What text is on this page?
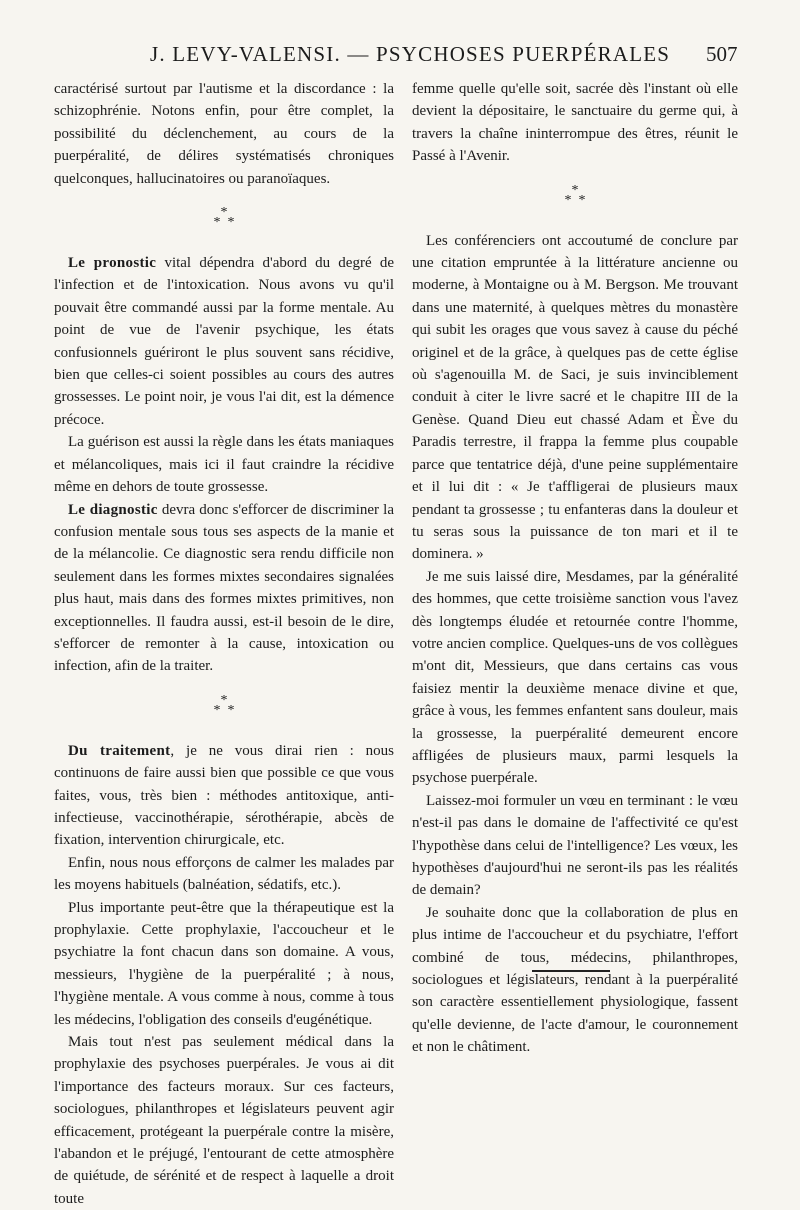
J. LEVY-VALENSI. — PSYCHOSES PUERPÉRALES 507

caractérisé surtout par l'autisme et la discordance : la schizophrénie. Notons enfin, pour être complet, la possibilité du déclenchement, au cours de la puerpéralité, de délires systématisés chroniques quelconques, hallucinatoires ou paranoïaques.

*
* *

Le pronostic vital dépendra d'abord du degré de l'infection et de l'intoxication. Nous avons vu qu'il pouvait être commandé aussi par la forme mentale. Au point de vue de l'avenir psychique, les états confusionnels guériront le plus souvent sans récidive, bien que celles-ci soient possibles au cours des autres grossesses. Le point noir, je vous l'ai dit, est la démence précoce.

La guérison est aussi la règle dans les états maniaques et mélancoliques, mais ici il faut craindre la récidive même en dehors de toute grossesse.

Le diagnostic devra donc s'efforcer de discriminer la confusion mentale sous tous ses aspects de la manie et de la mélancolie. Ce diagnostic sera rendu difficile non seulement dans les formes mixtes secondaires signalées plus haut, mais dans des formes mixtes primitives, non exceptionnelles. Il faudra aussi, est-il besoin de le dire, s'efforcer de remonter à la cause, intoxication ou infection, afin de la traiter.

*
* *

Du traitement, je ne vous dirai rien : nous continuons de faire aussi bien que possible ce que vous faites, vous, très bien : méthodes antitoxique, anti-infectieuse, vaccinothérapie, sérothérapie, abcès de fixation, intervention chirurgicale, etc.

Enfin, nous nous efforçons de calmer les malades par les moyens habituels (balnéation, sédatifs, etc.).

Plus importante peut-être que la thérapeutique est la prophylaxie. Cette prophylaxie, l'accoucheur et le psychiatre la font chacun dans son domaine. A vous, messieurs, l'hygiène de la puerpéralité ; à nous, l'hygiène mentale. A vous comme à nous, comme à tous les médecins, l'obligation des conseils d'eugénétique.

Mais tout n'est pas seulement médical dans la prophylaxie des psychoses puerpérales. Je vous ai dit l'importance des facteurs moraux. Sur ces facteurs, sociologues, philanthropes et législateurs peuvent agir efficacement, protégeant la puerpérale contre la misère, l'abandon et le préjugé, l'entourant de cette atmosphère de quiétude, de sérénité et de respect à laquelle a droit toute

femme quelle qu'elle soit, sacrée dès l'instant où elle devient la dépositaire, le sanctuaire du germe qui, à travers la chaîne ininterrompue des êtres, réunit le Passé à l'Avenir.

*
* *

Les conférenciers ont accoutumé de conclure par une citation empruntée à la littérature ancienne ou moderne, à Montaigne ou à M. Bergson. Me trouvant dans une maternité, à quelques mètres du monastère qui subit les orages que vous savez à cause du péché originel et de la grâce, à quelques pas de cette église où s'agenouilla M. de Saci, je suis invinciblement conduit à citer le livre sacré et le chapitre III de la Genèse. Quand Dieu eut chassé Adam et Ève du Paradis terrestre, il frappa la femme plus coupable parce que tentatrice déjà, d'une peine supplémentaire et il lui dit : « Je t'affligerai de plusieurs maux pendant ta grossesse ; tu enfanteras dans la douleur et tu seras sous la puissance de ton mari et il te dominera. »

Je me suis laissé dire, Mesdames, par la généralité des hommes, que cette troisième sanction vous l'avez dès longtemps éludée et retournée contre l'homme, votre ancien complice. Quelques-uns de vos collègues m'ont dit, Messieurs, que dans certains cas vous faisiez mentir la deuxième menace divine et que, grâce à vous, les femmes enfantent sans douleur, mais la grossesse, la puerpéralité demeurent encore affligées de plusieurs maux, parmi lesquels la psychose puerpérale.

Laissez-moi formuler un vœu en terminant : le vœu n'est-il pas dans le domaine de l'affectivité ce qu'est l'hypothèse dans celui de l'intelligence? Les vœux, les hypothèses d'aujourd'hui ne seront-ils pas les réalités de demain?

Je souhaite donc que la collaboration de plus en plus intime de l'accoucheur et du psychiatre, l'effort combiné de tous, médecins, philanthropes, sociologues et législateurs, rendant à la puerpéralité son caractère essentiellement physiologique, fassent qu'elle devienne, de l'acte d'amour, le couronnement et non le châtiment.
